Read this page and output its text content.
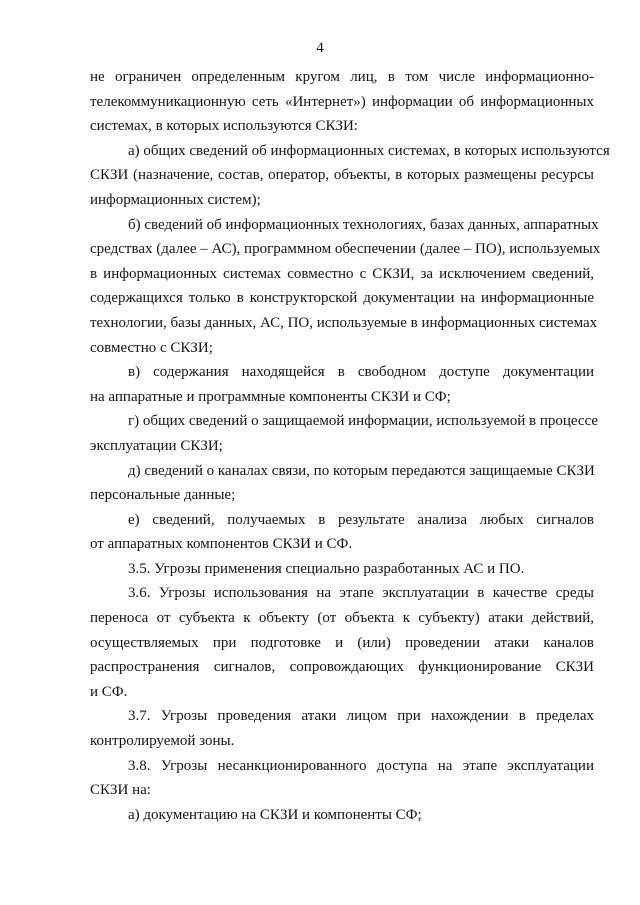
4
не ограничен определенным кругом лиц, в том числе информационно-
телекоммуникационную сеть «Интернет») информации об информационных
системах, в которых используются СКЗИ:
а) общих сведений об информационных системах, в которых используются
СКЗИ (назначение, состав, оператор, объекты, в которых размещены ресурсы
информационных систем);
б) сведений об информационных технологиях, базах данных, аппаратных
средствах (далее – АС), программном обеспечении (далее – ПО), используемых
в информационных системах совместно с СКЗИ, за исключением сведений,
содержащихся только в конструкторской документации на информационные
технологии, базы данных, АС, ПО, используемые в информационных системах
совместно с СКЗИ;
в) содержания находящейся в свободном доступе документации
на аппаратные и программные компоненты СКЗИ и СФ;
г) общих сведений о защищаемой информации, используемой в процессе
эксплуатации СКЗИ;
д) сведений о каналах связи, по которым передаются защищаемые СКЗИ
персональные данные;
е) сведений, получаемых в результате анализа любых сигналов
от аппаратных компонентов СКЗИ и СФ.
3.5. Угрозы применения специально разработанных АС и ПО.
3.6. Угрозы использования на этапе эксплуатации в качестве среды
переноса от субъекта к объекту (от объекта к субъекту) атаки действий,
осуществляемых при подготовке и (или) проведении атаки каналов
распространения сигналов, сопровождающих функционирование СКЗИ
и СФ.
3.7. Угрозы проведения атаки лицом при нахождении в пределах
контролируемой зоны.
3.8. Угрозы несанкционированного доступа на этапе эксплуатации
СКЗИ на:
а) документацию на СКЗИ и компоненты СФ;
